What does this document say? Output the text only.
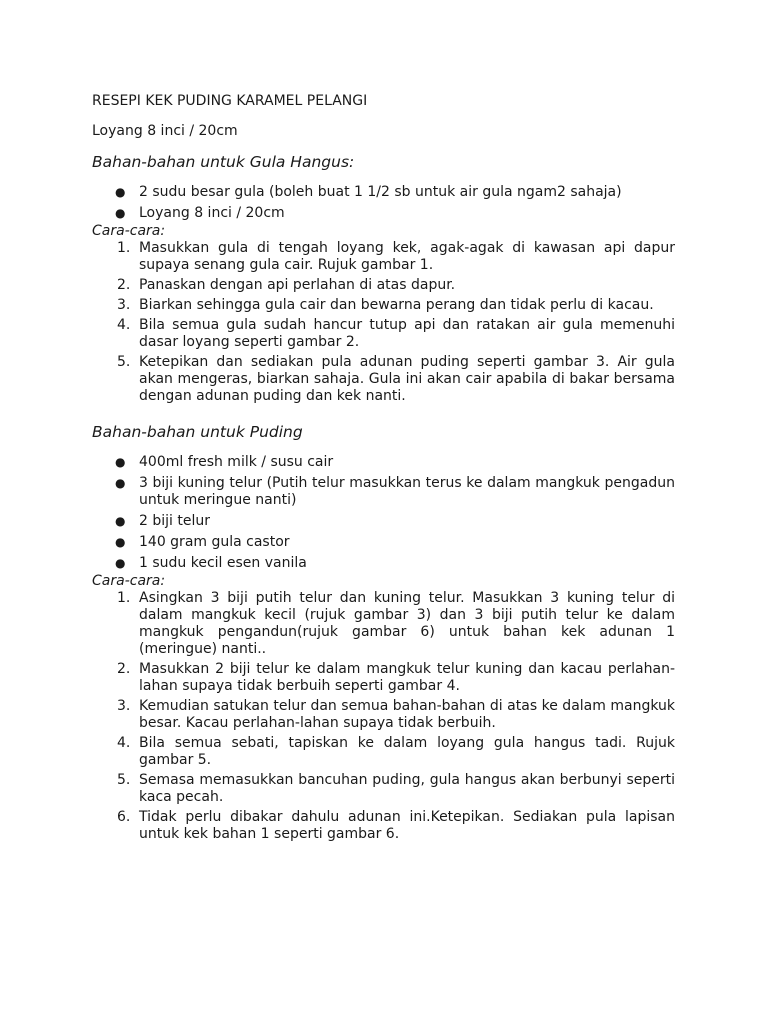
RESEPI KEK PUDING KARAMEL PELANGI

Loyang 8 inci / 20cm

Bahan-bahan untuk Gula Hangus:

● 2 sudu besar gula (boleh buat 1 1/2 sb untuk air gula ngam2 sahaja)
● Loyang 8 inci / 20cm

Cara-cara:

1. Masukkan gula di tengah loyang kek, agak-agak di kawasan api dapur supaya senang gula cair. Rujuk gambar 1.
2. Panaskan dengan api perlahan di atas dapur.
3. Biarkan sehingga gula cair dan bewarna perang dan tidak perlu di kacau.
4. Bila semua gula sudah hancur tutup api dan ratakan air gula memenuhi dasar loyang seperti gambar 2.
5. Ketepikan dan sediakan pula adunan puding seperti gambar 3. Air gula akan mengeras, biarkan sahaja. Gula ini akan cair apabila di bakar bersama dengan adunan puding dan kek nanti.

Bahan-bahan untuk Puding

● 400ml fresh milk / susu cair
● 3 biji kuning telur (Putih telur masukkan terus ke dalam mangkuk pengadun untuk meringue nanti)
● 2 biji telur
● 140 gram gula castor
● 1 sudu kecil esen vanila

Cara-cara:

1. Asingkan 3 biji putih telur dan kuning telur. Masukkan 3 kuning telur di dalam mangkuk kecil (rujuk gambar 3) dan 3 biji putih telur ke dalam mangkuk pengandun(rujuk gambar 6) untuk bahan kek adunan 1 (meringue) nanti..
2. Masukkan 2 biji telur ke dalam mangkuk telur kuning dan kacau perlahan-lahan supaya tidak berbuih seperti gambar 4.
3. Kemudian satukan telur dan semua bahan-bahan di atas ke dalam mangkuk besar. Kacau perlahan-lahan supaya tidak berbuih.
4. Bila semua sebati, tapiskan ke dalam loyang gula hangus tadi. Rujuk gambar 5.
5. Semasa memasukkan bancuhan puding, gula hangus akan berbunyi seperti kaca pecah.
6. Tidak perlu dibakar dahulu adunan ini.Ketepikan. Sediakan pula lapisan untuk kek bahan 1 seperti gambar 6.
